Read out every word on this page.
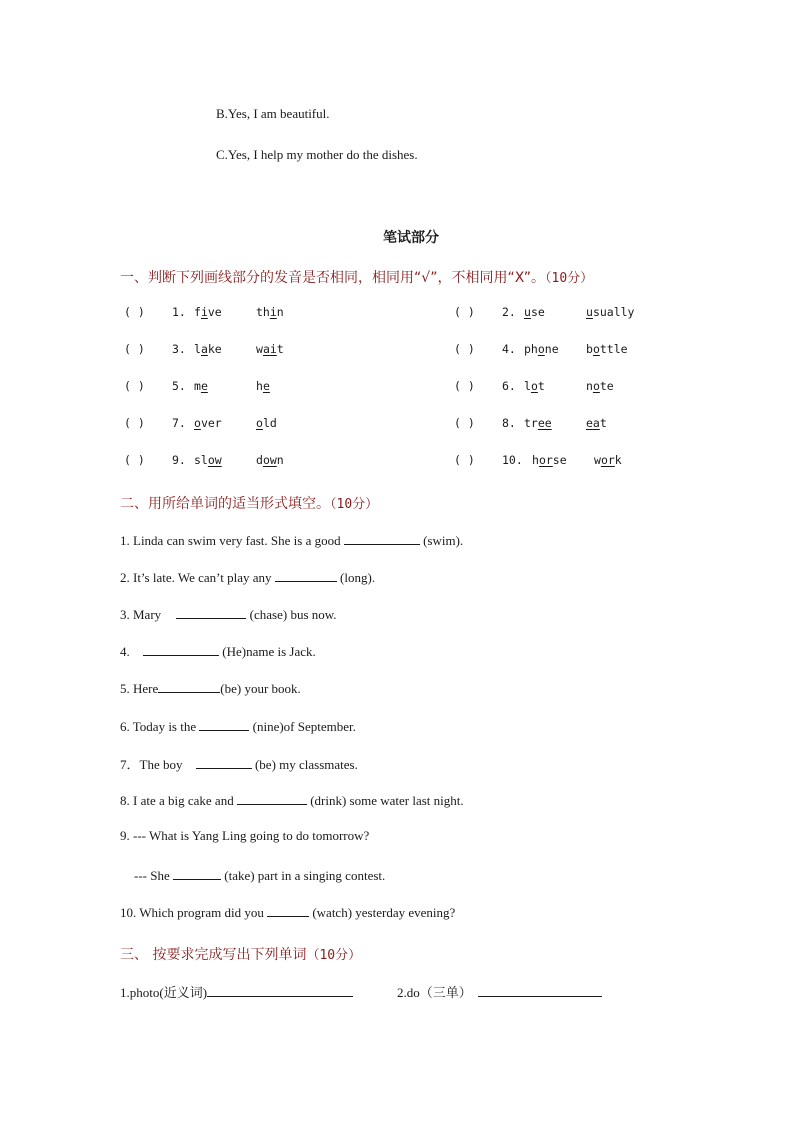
B.Yes, I am beautiful.
C.Yes, I help my mother do the dishes.
笔试部分
一、判断下列画线部分的发音是否相同，相同用“√”，不相同用“X”。（10分）
( ) 1. five	thin	( ) 2. use	usually
( ) 3. lake	wait	( ) 4. phone bottle
( ) 5. me	he	( ) 6. lot	note
( ) 7. over	old	( ) 8. tree	eat
( ) 9. slow	down	( ) 10. horse work
二、用所给单词的适当形式填空。（10分）
1. Linda can swim very fast. She is a good	(swim).
2. It’s late. We can’t play any	(long).
3. Mary	(chase) bus now.
4.	(He)name is Jack.
5. Here	(be) your book.
6. Today is the	(nine)of September.
7．The boy	(be) my classmates.
8. I ate a big cake and	(drink) some water last night.
9. --- What is Yang Ling going to do tomorrow?
--- She	(take) part in a singing contest.
10. Which program did you	(watch) yesterday evening?
三、 按要求完成写出下列单词（10分）
1.photo(近义词)	2.do（三单）
